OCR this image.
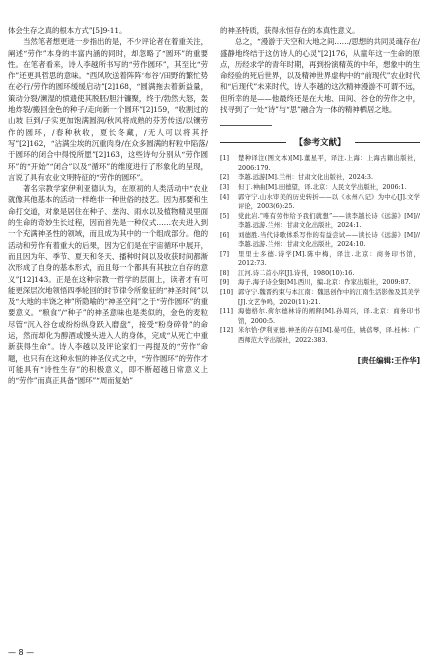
体会生存之真的根本方式”[5]9-11。

当然笔者想更进一步指出的是，不少评论者在着重关注，阐述“劳作”本身的丰富内涵的同时，却忽略了“圆环”的重要性。在笔者看来，诗人李越所书写的“劳作圆环”，其至比“劳作”还更具哲思的意味。“西风吹送着阵阵‘布谷’/田野的繁忙势在必行/劳作的圆环缓缓启动”[2]168，“圆满拖去着新益量，策动分裂/濒湿的愤遗使其脱胚/胆汁镰聚，终于/勃然大怒，轰地炸裂/搬回金色的种子/走向新一个圆环”[2]159，“收割过的山坡 巨到/子实更加饱满圆润/秋风将成熟的芬芳传送/以镶劳作的圆环，/春种秋收，夏长冬藏，/无人可以将其抒写”[2]162，“沾满尘埃的沉重肉身/在众多圆满的籽粒中陷落/于圆环的闭合中得悦所愿”[2]163，这些诗句分别从“劳作圆环”的“开始”“闭合”以及“循环”的维度进行了形象化的呈现，言说了具有农业文明特征的“劳作的圆环”。

著名宗教学家伊利亚德认为，在原初的人类活动中“农业就像其他基本的活动一样绝非一种世俗的技艺。因为那要和生命打交道，对象是居住在种子、垄沟、雨水以及植物精灵里面的生命的奇妙生长过程，因而首先是一种仪式……农夫进入到一个充满神圣性的领域，而且成为其中的一个组成部分。他的活动和劳作有着重大的后果，因为它们是在宇宙循环中展开，而且因为年、季节、夏天和冬天、播种时间以及收获时间都渐次形成了自身的基本形式，而且每一个都具有其独立自存的意义”[12]143。正是在这种宗教一哲学的层面上，读者才有可能更深层次地领悟四季轮回的时节律令所象征的“神圣时间”以及“大地的丰饶之神”所隐喻的“神圣空间”之于“劳作圆环”的重要意义。“粮食”/“种子”的神圣意味也是类似的，金色的麦粒尽管“沉入谷仓或纷纷纵身跃入磨盘”，接受“粉身碎骨”的命运，然而却化为醇酒或馒头进入人的身体，完成“从死亡中重新获得生命”。诗人李越以及评论家们一再提及的“劳作”命题，也只有在这种永恒的神圣仪式之中，“劳作圆环”的劳作才可能具有“诗性生存”的积极意义，即不断超越日常意义上的“劳作”而真正具备“圆环”“周而复始”

的神圣特质，获得永恒存在的本真性意义。

总之，“漫游于天空和大地之间……/思想的共同灵魂存在/盛静地终结于这仿诗人的心灵”[2]176，从童年这一生命的原点，历经求学的青年时期，再到扮演精英的中年，想象中的生命经验的死后世界，以及精神世界虚构中的“前现代”农业时代和“后现代”未来时代，诗人李越的这次精神漫游不可谓不远，但所幸的是——他最终还是在大地、田间、谷仓的劳作之中，找寻到了一处“诗”与“思”融合为一体的精神栖居之地。

【参考文献】
[1]	楚种译注(图文本)[M].董星平，译注.上海：上海古籍出版社，2006:179.
[2]	李越.远游[M].兰州：甘肃文化出版社，2024:3.
[3]	但丁.神曲[M].田德望，译.北京：人民文学出版社，2006:1.
[4]	郭守宁.山水审美的历史转折——以《永州八记》为中心[J].文学评论，2003(6):25.
[5]	党此岩.“唯有劳作给予我们就想”——读李越长诗《远游》[M]//李越.远游.兰州：甘肃文化出版社，2024:1.
[6]	刘德胜.当代诗歌体系写作的有益尝试——读长诗《远游》[M]//李越.远游.兰州：甘肃文化出版社，2024:10.
[7]	里里士多德.诗学[M].陈中梅，译注.北京：商务印书馆，2012:73.
[8]	江河.诗二首小序[J].诗刊，1980(10):16.
[9]	海子.海子诗全集[M].西川，编.北京：作家出版社，2009:87.
[10] 郭守宁.魏晋约束与本江南：魏迅创作中的江南生活影像及其美学[J].文艺争鸣，2020(11):21.
[11] 海德格尔.荷尔德林诗的阐释[M].孙周兴，译.北京：商务印书馆，2000:5.
[12] 米尔恰·伊利亚德.神圣的存在[M].晏可佳，姚蓓琴，译.桂林：广西师范大学出版社，2022:383.
[责任编辑:王作华]
— 8 —
